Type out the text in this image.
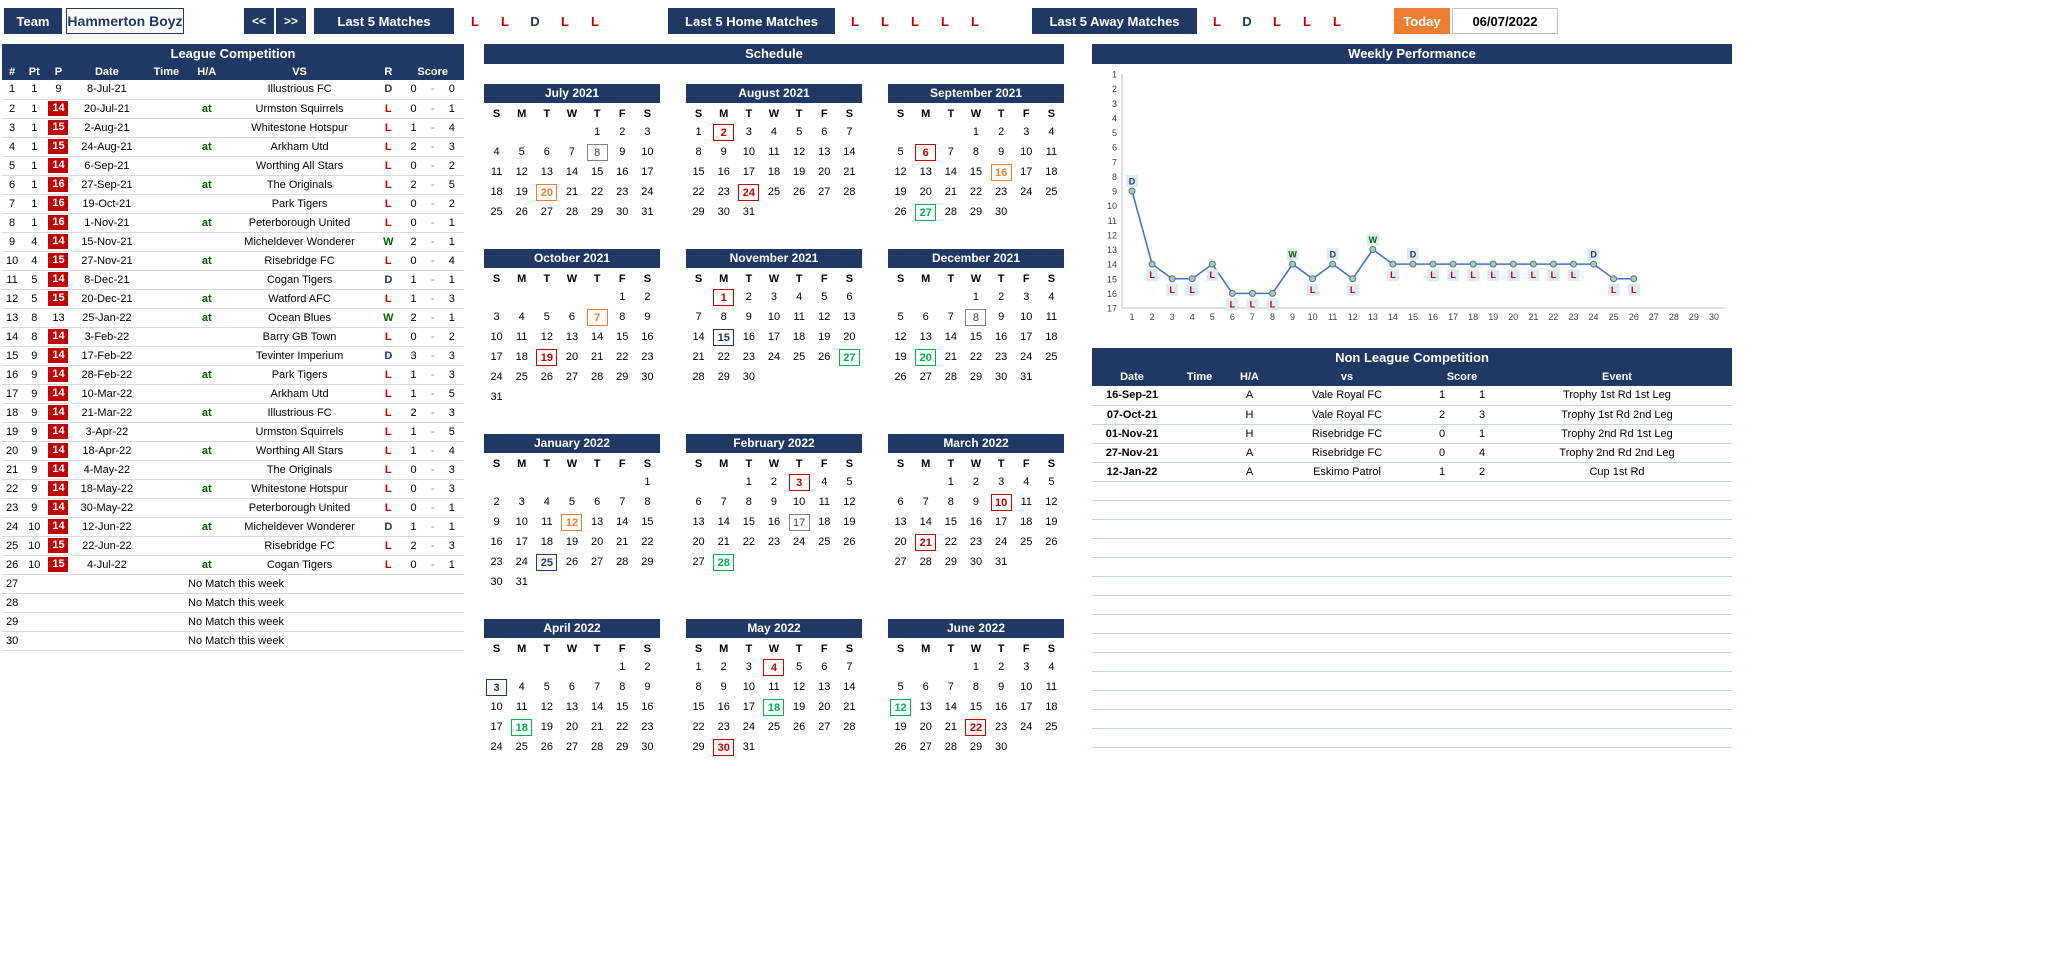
Team	Hammerton Boyz	<<	>>	Last 5 Matches	L	L	D	L	L	Last 5 Home Matches	L	L	L	L	L	Last 5 Away Matches	L	D	L	L	L	Today	06/07/2022
League Competition
#	Pt	P	Date	Time	H/A	VS	R	Score		
1	1	9	8-Jul-21			Illustrious FC	D	0	-	0
2	1	14	20-Jul-21		at	Urmston Squirrels	L	0	-	1
3	1	15	2-Aug-21			Whitestone Hotspur	L	1	-	4
4	1	15	24-Aug-21		at	Arkham Utd	L	2	-	3
5	1	14	6-Sep-21			Worthing All Stars	L	0	-	2
6	1	16	27-Sep-21		at	The Originals	L	2	-	5
7	1	16	19-Oct-21			Park Tigers	L	0	-	2
8	1	16	1-Nov-21		at	Peterborough United	L	0	-	1
9	4	14	15-Nov-21			Micheldever Wonderer	W	2	-	1
10	4	15	27-Nov-21		at	Risebridge FC	L	0	-	4
11	5	14	8-Dec-21			Cogan Tigers	D	1	-	1
12	5	15	20-Dec-21		at	Watford AFC	L	1	-	3
13	8	13	25-Jan-22		at	Ocean Blues	W	2	-	1
14	8	14	3-Feb-22			Barry GB Town	L	0	-	2
15	9	14	17-Feb-22			Tevinter Imperium	D	3	-	3
16	9	14	28-Feb-22		at	Park Tigers	L	1	-	3
17	9	14	10-Mar-22			Arkham Utd	L	1	-	5
18	9	14	21-Mar-22		at	Illustrious FC	L	2	-	3
19	9	14	3-Apr-22			Urmston Squirrels	L	1	-	5
20	9	14	18-Apr-22		at	Worthing All Stars	L	1	-	4
21	9	14	4-May-22			The Originals	L	0	-	3
22	9	14	18-May-22		at	Whitestone Hotspur	L	0	-	3
23	9	14	30-May-22			Peterborough United	L	0	-	1
24	10	14	12-Jun-22		at	Micheldever Wonderer	D	1	-	1
25	10	15	22-Jun-22			Risebridge FC	L	2	-	3
26	10	15	4-Jul-22		at	Cogan Tigers	L	0	-	1
27			No Match this week							
28			No Match this week							
29			No Match this week							
30			No Match this week							
Schedule
July 2021
S	M	T	W	T	F	S
				1	2	3
4	5	6	7	8	9	10
11	12	13	14	15	16	17
18	19	20	21	22	23	24
25	26	27	28	29	30	31
August 2021
S	M	T	W	T	F	S
1	2	3	4	5	6	7
8	9	10	11	12	13	14
15	16	17	18	19	20	21
22	23	24	25	26	27	28
29	30	31				
September 2021
S	M	T	W	T	F	S
			1	2	3	4
5	6	7	8	9	10	11
12	13	14	15	16	17	18
19	20	21	22	23	24	25
26	27	28	29	30		
October 2021
S	M	T	W	T	F	S
					1	2
3	4	5	6	7	8	9
10	11	12	13	14	15	16
17	18	19	20	21	22	23
24	25	26	27	28	29	30
31						
November 2021
S	M	T	W	T	F	S
	1	2	3	4	5	6
7	8	9	10	11	12	13
14	15	16	17	18	19	20
21	22	23	24	25	26	27
28	29	30				
December 2021
S	M	T	W	T	F	S
			1	2	3	4
5	6	7	8	9	10	11
12	13	14	15	16	17	18
19	20	21	22	23	24	25
26	27	28	29	30	31	
January 2022
S	M	T	W	T	F	S
						1
2	3	4	5	6	7	8
9	10	11	12	13	14	15
16	17	18	19	20	21	22
23	24	25	26	27	28	29
30	31					
February 2022
S	M	T	W	T	F	S
		1	2	3	4	5
6	7	8	9	10	11	12
13	14	15	16	17	18	19
20	21	22	23	24	25	26
27	28					
March 2022
S	M	T	W	T	F	S
		1	2	3	4	5
6	7	8	9	10	11	12
13	14	15	16	17	18	19
20	21	22	23	24	25	26
27	28	29	30	31		
April 2022
S	M	T	W	T	F	S
					1	2
3	4	5	6	7	8	9
10	11	12	13	14	15	16
17	18	19	20	21	22	23
24	25	26	27	28	29	30
May 2022
S	M	T	W	T	F	S
1	2	3	4	5	6	7
8	9	10	11	12	13	14
15	16	17	18	19	20	21
22	23	24	25	26	27	28
29	30	31				
June 2022
S	M	T	W	T	F	S
			1	2	3	4
5	6	7	8	9	10	11
12	13	14	15	16	17	18
19	20	21	22	23	24	25
26	27	28	29	30		
Weekly Performance
1
2
3
4
5
6
7
8
9
10
11
12
13
14
15
16
17
1 2 3 4 5 6 7 8 9 10 11 12 13 14 15 16 17 18 19 20 21 22 23 24 25 26 27 28 29 30
D
L
L L
L
L L L
W
L
D
L
W
L
D
L L L L L L L L
D
L L
Non League Competition
Date	Time	H/A	vs	Score		Event
16-Sep-21		A	Vale Royal FC	1	1	Trophy 1st Rd 1st Leg
07-Oct-21		H	Vale Royal FC	2	3	Trophy 1st Rd 2nd Leg
01-Nov-21		H	Risebridge FC	0	1	Trophy 2nd Rd 1st Leg
27-Nov-21		A	Risebridge FC	0	4	Trophy 2nd Rd 2nd Leg
12-Jan-22		A	Eskimo Patrol	1	2	Cup 1st Rd
